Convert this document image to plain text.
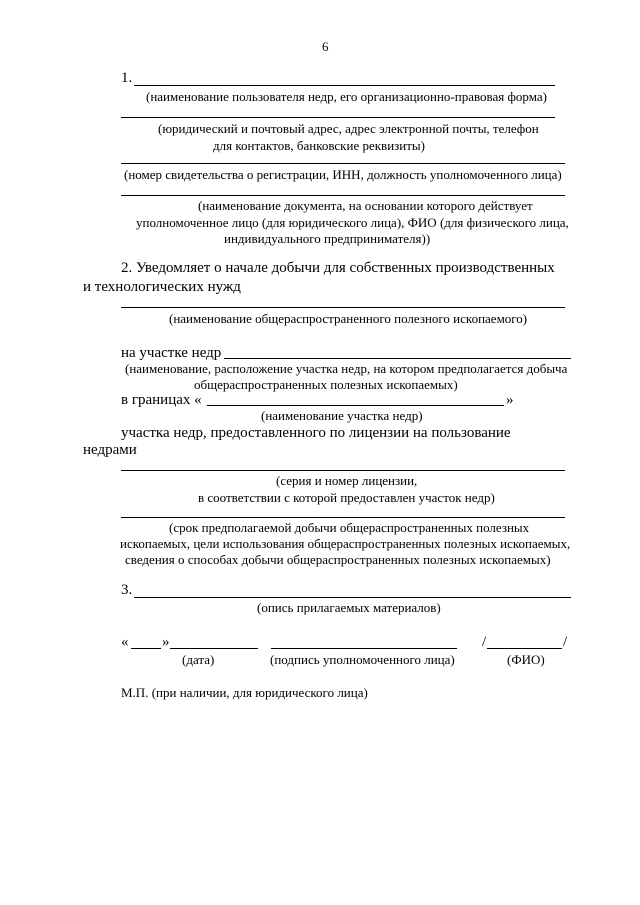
6
1.
(наименование пользователя недр, его организационно-правовая форма)
(юридический и почтовый адрес, адрес электронной почты, телефон
для контактов, банковские реквизиты)
(номер свидетельства о регистрации, ИНН, должность уполномоченного лица)
(наименование документа, на основании которого действует
уполномоченное лицо (для юридического лица), ФИО (для физического лица,
индивидуального предпринимателя))
2. Уведомляет о начале добычи для собственных производственных
и технологических нужд
(наименование общераспространенного полезного ископаемого)
на участке недр
(наименование, расположение участка недр, на котором предполагается добыча
общераспространенных полезных ископаемых)
в границах «	»
(наименование участка недр)
участка недр, предоставленного по лицензии на пользование
недрами
(серия и номер лицензии,
в соответствии с которой предоставлен участок недр)
(срок предполагаемой добычи общераспространенных полезных
ископаемых, цели использования общераспространенных полезных ископаемых,
сведения о способах добычи общераспространенных полезных ископаемых)
3.
(опись прилагаемых материалов)
« »	/	/
(дата)	(подпись уполномоченного лица)	(ФИО)
М.П. (при наличии, для юридического лица)
